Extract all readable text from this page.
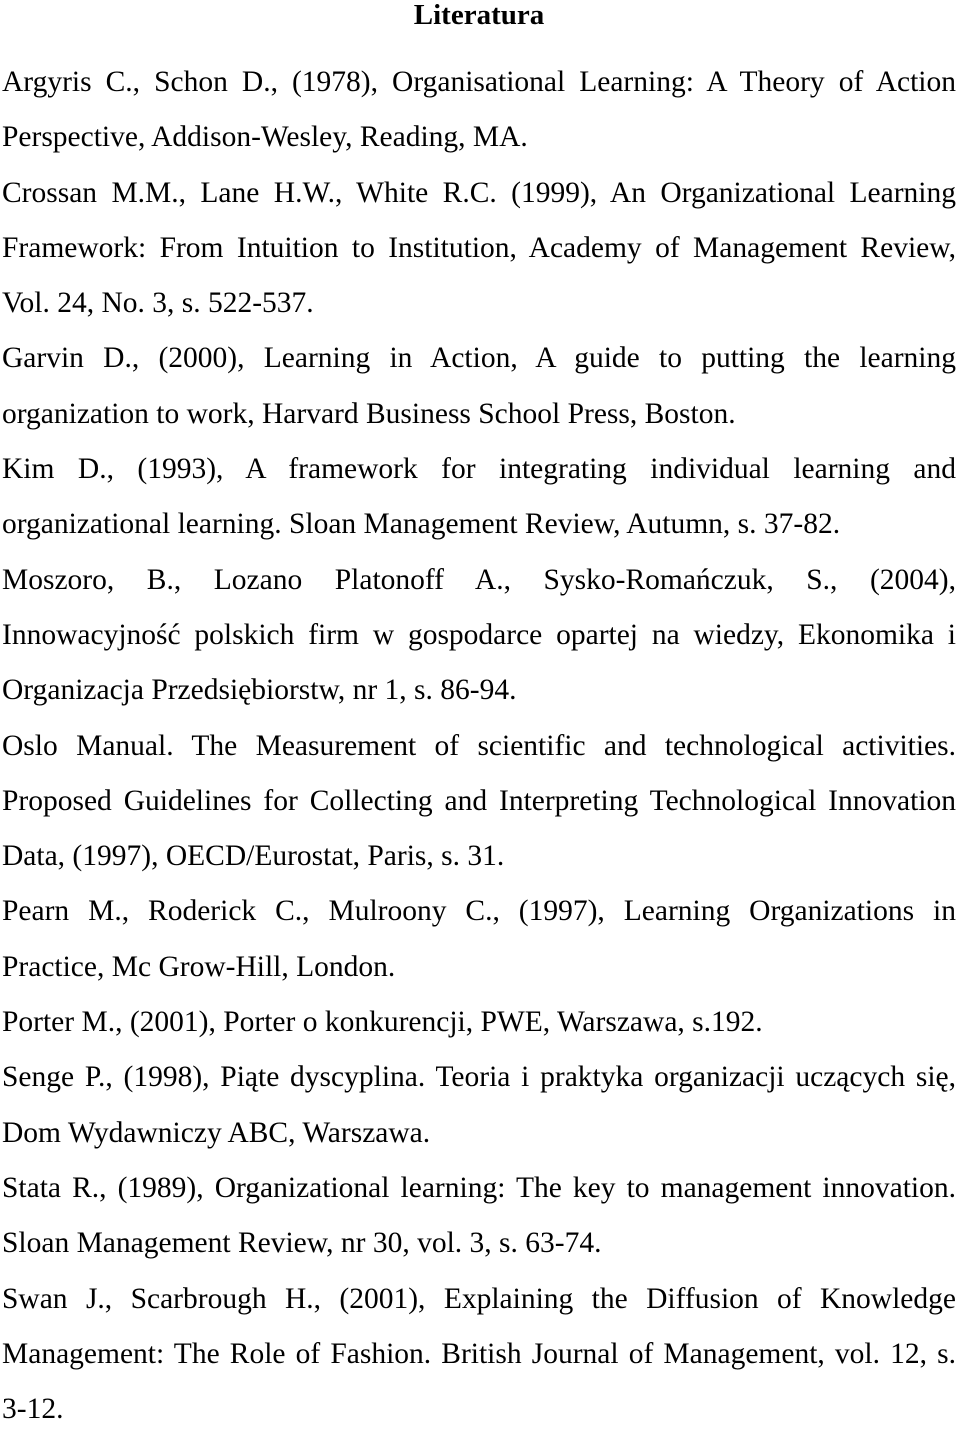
Literatura
Argyris C., Schon D., (1978), Organisational Learning: A Theory of Action Perspective, Addison-Wesley, Reading, MA.
Crossan M.M., Lane H.W., White R.C. (1999), An Organizational Learning Framework: From Intuition to Institution, Academy of Management Review, Vol. 24, No. 3, s. 522-537.
Garvin D., (2000), Learning in Action, A guide to putting the learning organization to work, Harvard Business School Press, Boston.
Kim D., (1993), A framework for integrating individual learning and organizational learning. Sloan Management Review, Autumn, s. 37-82.
Moszoro, B., Lozano Platonoff A., Sysko-Romańczuk, S., (2004), Innowacyjność polskich firm w gospodarce opartej na wiedzy, Ekonomika i Organizacja Przedsiębiorstw, nr 1, s. 86-94.
Oslo Manual. The Measurement of scientific and technological activities. Proposed Guidelines for Collecting and Interpreting Technological Innovation Data, (1997), OECD/Eurostat, Paris, s. 31.
Pearn M., Roderick C., Mulroony C., (1997), Learning Organizations in Practice, Mc Grow-Hill, London.
Porter M., (2001), Porter o konkurencji, PWE, Warszawa, s.192.
Senge P., (1998), Piąte dyscyplina. Teoria i praktyka organizacji uczących się, Dom Wydawniczy ABC, Warszawa.
Stata R., (1989), Organizational learning: The key to management innovation. Sloan Management Review, nr 30, vol. 3, s. 63-74.
Swan J., Scarbrough H., (2001), Explaining the Diffusion of Knowledge Management: The Role of Fashion. British Journal of Management, vol. 12, s. 3-12.
